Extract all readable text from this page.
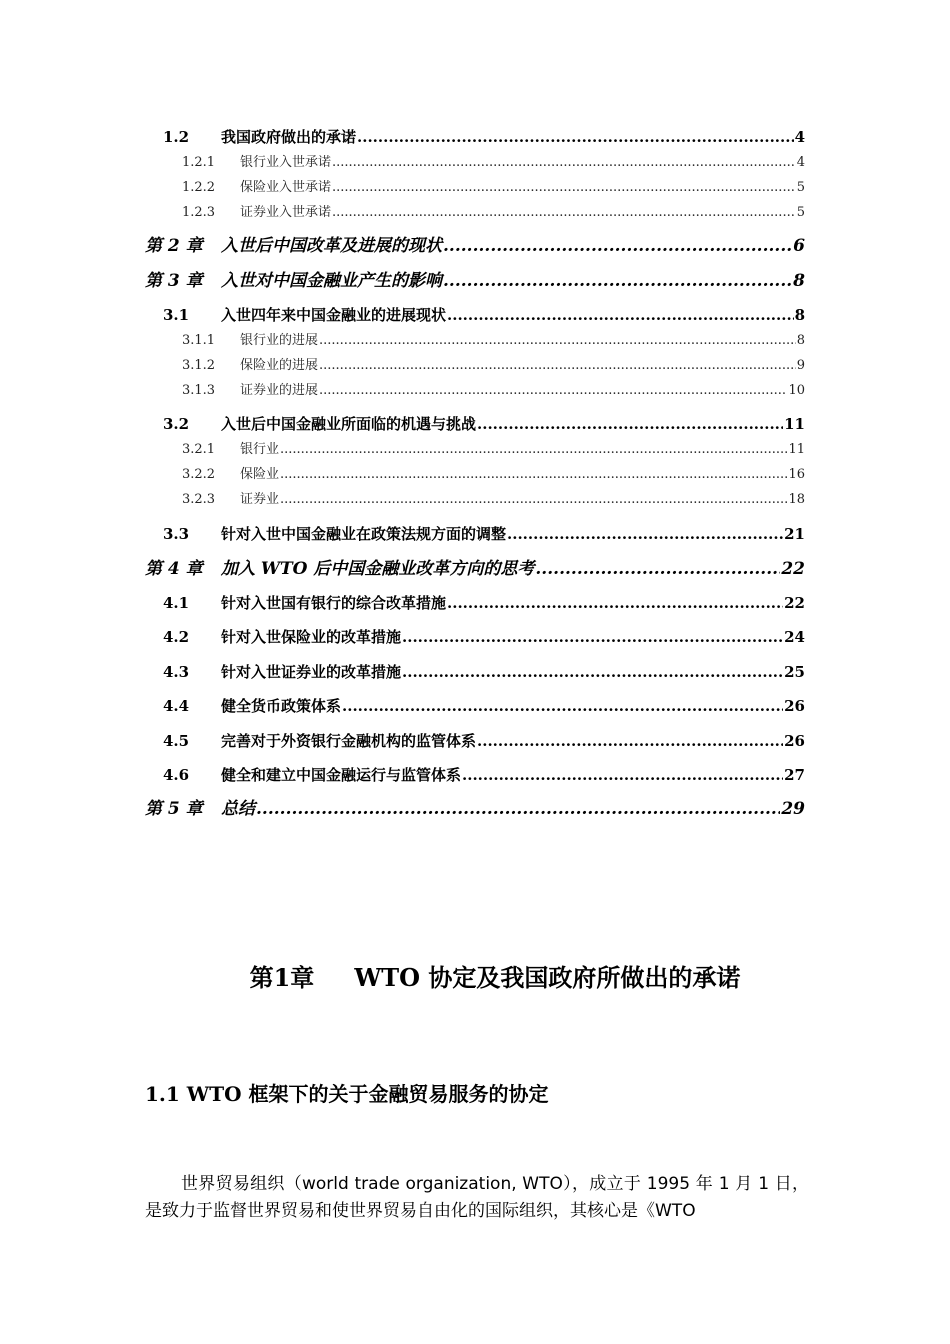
1.2	我国政府做出的承诺 .....	4
1.2.1	银行业入世承诺 .....	4
1.2.2	保险业入世承诺 .....	5
1.2.3	证券业入世承诺 .....	5
第 2 章	入世后中国改革及进展的现状 .....	6
第 3 章	入世对中国金融业产生的影响 .....	8
3.1	入世四年来中国金融业的进展现状 .....	8
3.1.1	银行业的进展 .....	8
3.1.2	保险业的进展 .....	9
3.1.3	证券业的进展 .....	10
3.2	入世后中国金融业所面临的机遇与挑战 .....	11
3.2.1	银行业 .....	11
3.2.2	保险业 .....	16
3.2.3	证券业 .....	18
3.3	针对入世中国金融业在政策法规方面的调整 .....	21
第 4 章	加入 WTO 后中国金融业改革方向的思考 .....	22
4.1	针对入世国有银行的综合改革措施 .....	22
4.2	针对入世保险业的改革措施 .....	24
4.3	针对入世证券业的改革措施 .....	25
4.4	健全货币政策体系 .....	26
4.5	完善对于外资银行金融机构的监管体系 .....	26
4.6	健全和建立中国金融运行与监管体系 .....	27
第 5 章	总结 .....	29
第1章 WTO 协定及我国政府所做出的承诺
1.1 WTO 框架下的关于金融贸易服务的协定

世界贸易组织（world trade organization, WTO），成立于 1995 年 1 月 1 日，是致力于监督世界贸易和使世界贸易自由化的国际组织，其核心是《WTO
